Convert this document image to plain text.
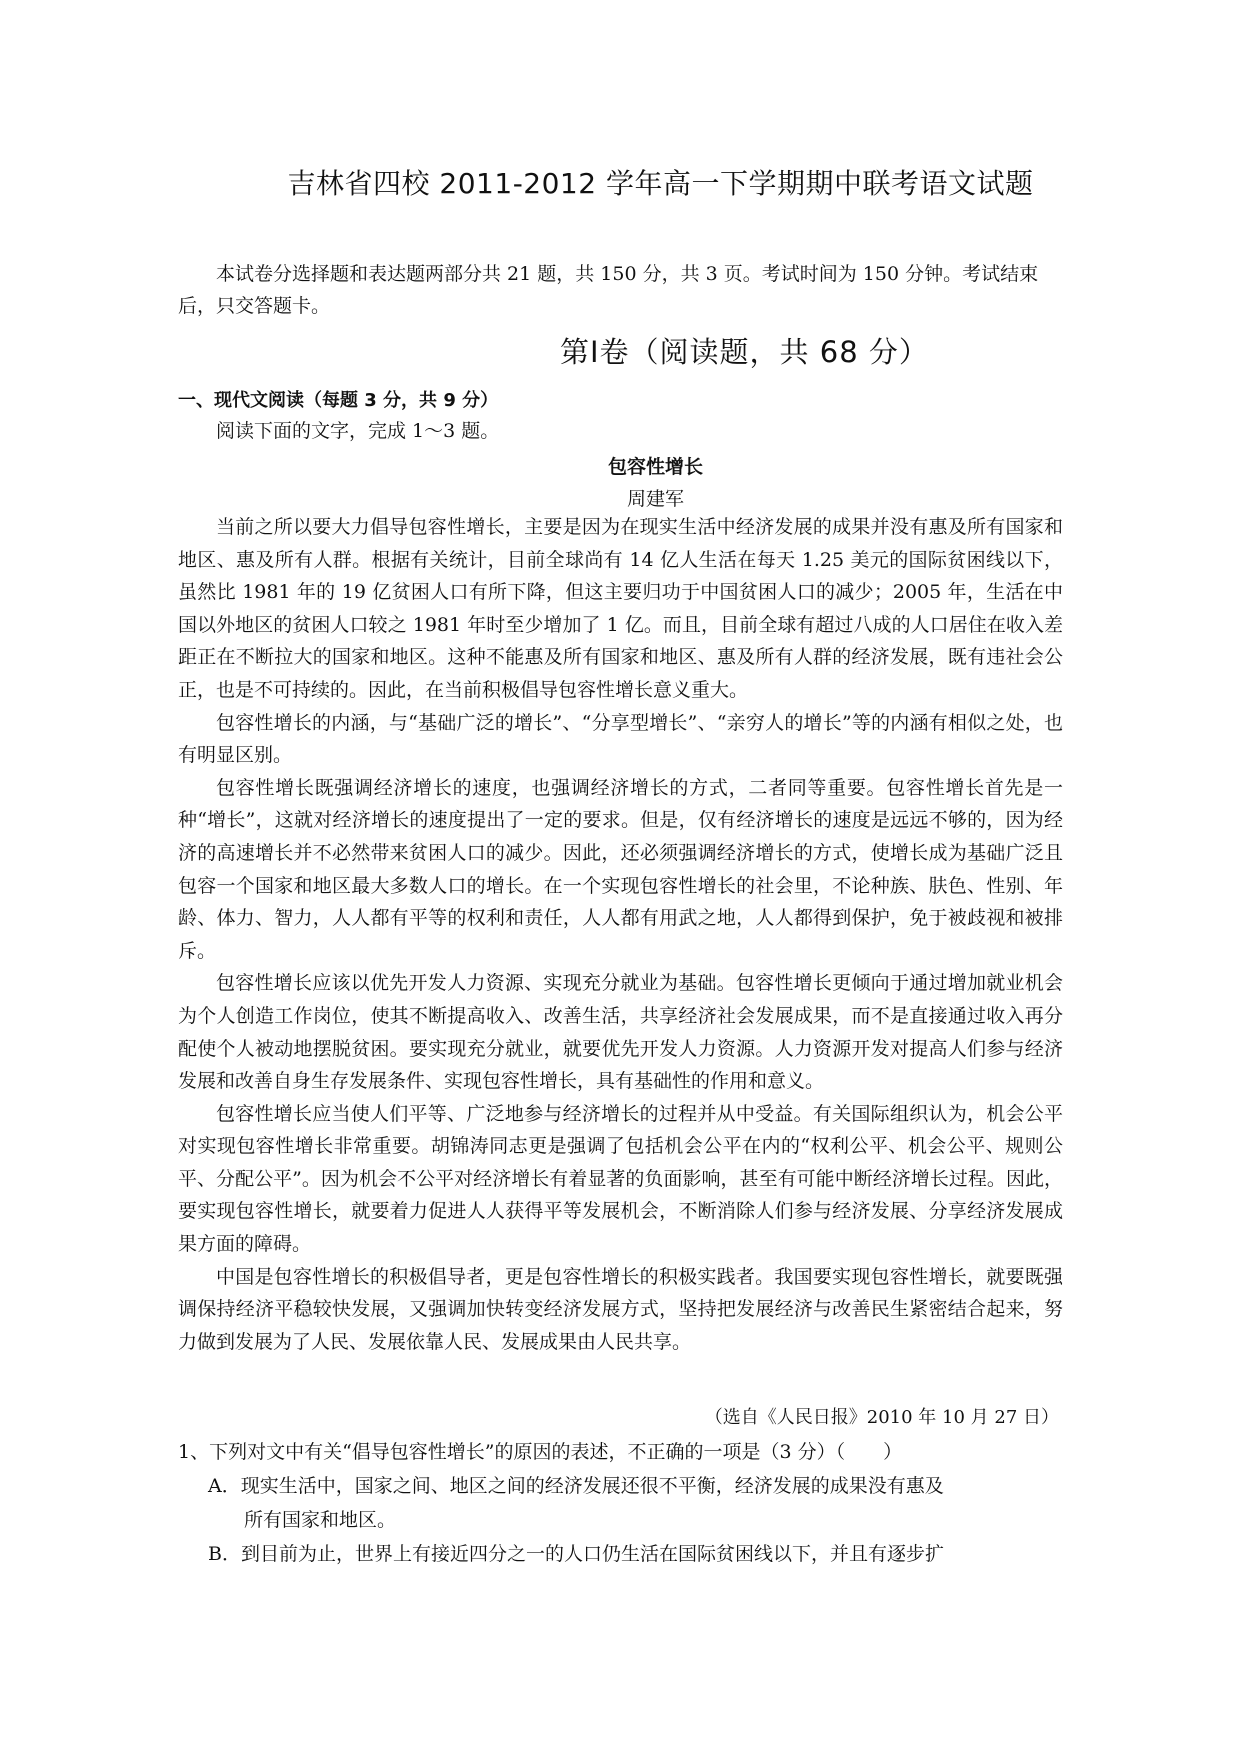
吉林省四校 2011-2012 学年高一下学期期中联考语文试题

本试卷分选择题和表达题两部分共 21 题，共 150 分，共 3 页。考试时间为 150 分钟。考试结束后，只交答题卡。

第Ⅰ卷（阅读题，共 68 分）
一、现代文阅读（每题 3 分，共 9 分）
阅读下面的文字，完成 1～3 题。
包容性增长
周建军

当前之所以要大力倡导包容性增长，主要是因为在现实生活中经济发展的成果并没有惠及所有国家和地区、惠及所有人群。根据有关统计，目前全球尚有 14 亿人生活在每天 1.25 美元的国际贫困线以下，虽然比 1981 年的 19 亿贫困人口有所下降，但这主要归功于中国贫困人口的减少；2005 年，生活在中国以外地区的贫困人口较之 1981 年时至少增加了 1 亿。而且，目前全球有超过八成的人口居住在收入差距正在不断拉大的国家和地区。这种不能惠及所有国家和地区、惠及所有人群的经济发展，既有违社会公正，也是不可持续的。因此，在当前积极倡导包容性增长意义重大。

包容性增长的内涵，与“基础广泛的增长”、“分享型增长”、“亲穷人的增长”等的内涵有相似之处，也有明显区别。

包容性增长既强调经济增长的速度，也强调经济增长的方式，二者同等重要。包容性增长首先是一种“增长”，这就对经济增长的速度提出了一定的要求。但是，仅有经济增长的速度是远远不够的，因为经济的高速增长并不必然带来贫困人口的减少。因此，还必须强调经济增长的方式，使增长成为基础广泛且包容一个国家和地区最大多数人口的增长。在一个实现包容性增长的社会里，不论种族、肤色、性别、年龄、体力、智力，人人都有平等的权利和责任，人人都有用武之地，人人都得到保护，免于被歧视和被排斥。

包容性增长应该以优先开发人力资源、实现充分就业为基础。包容性增长更倾向于通过增加就业机会为个人创造工作岗位，使其不断提高收入、改善生活，共享经济社会发展成果，而不是直接通过收入再分配使个人被动地摆脱贫困。要实现充分就业，就要优先开发人力资源。人力资源开发对提高人们参与经济发展和改善自身生存发展条件、实现包容性增长，具有基础性的作用和意义。

包容性增长应当使人们平等、广泛地参与经济增长的过程并从中受益。有关国际组织认为，机会公平对实现包容性增长非常重要。胡锦涛同志更是强调了包括机会公平在内的“权利公平、机会公平、规则公平、分配公平”。因为机会不公平对经济增长有着显著的负面影响，甚至有可能中断经济增长过程。因此，要实现包容性增长，就要着力促进人人获得平等发展机会，不断消除人们参与经济发展、分享经济发展成果方面的障碍。

中国是包容性增长的积极倡导者，更是包容性增长的积极实践者。我国要实现包容性增长，就要既强调保持经济平稳较快发展，又强调加快转变经济发展方式，坚持把发展经济与改善民生紧密结合起来，努力做到发展为了人民、发展依靠人民、发展成果由人民共享。

（选自《人民日报》2010 年 10 月 27 日）
1、下列对文中有关“倡导包容性增长”的原因的表述，不正确的一项是（3 分）（　　）
A．现实生活中，国家之间、地区之间的经济发展还很不平衡，经济发展的成果没有惠及
所有国家和地区。
B．到目前为止，世界上有接近四分之一的人口仍生活在国际贫困线以下，并且有逐步扩
